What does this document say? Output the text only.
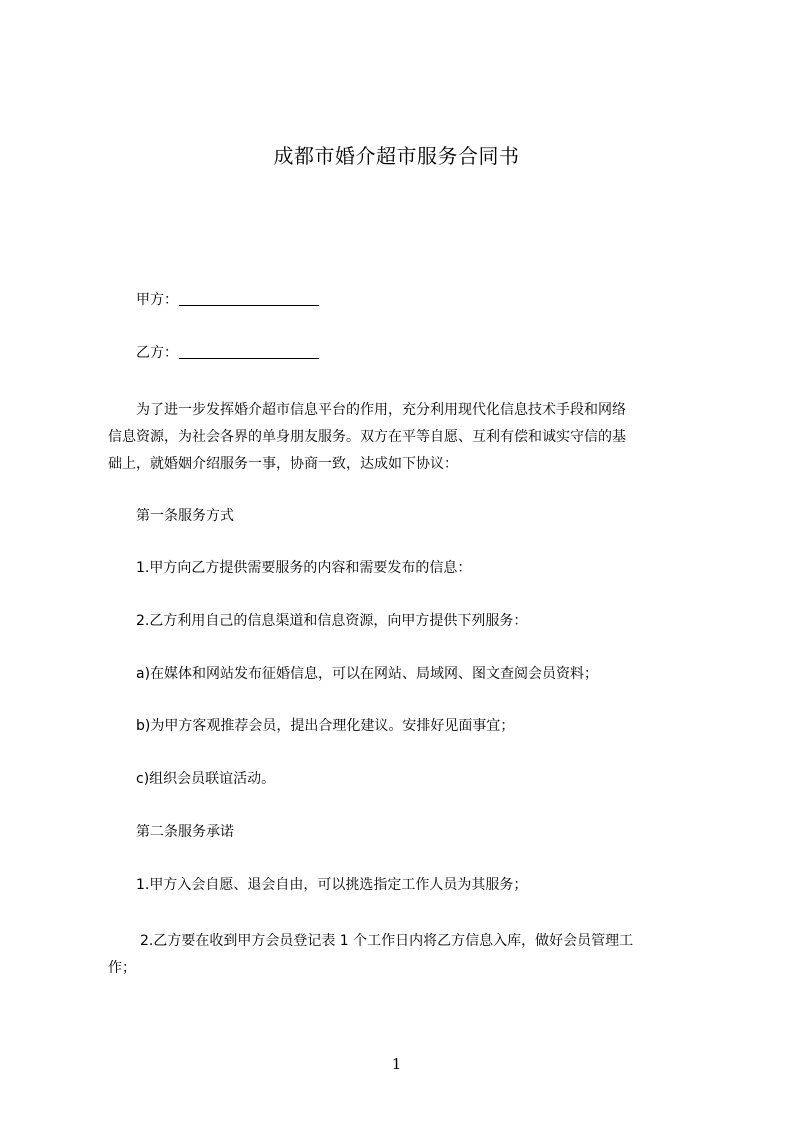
成都市婚介超市服务合同书
甲方：
乙方：
为了进一步发挥婚介超市信息平台的作用，充分利用现代化信息技术手段和网络
信息资源，为社会各界的单身朋友服务。双方在平等自愿、互利有偿和诚实守信的基
础上，就婚姻介绍服务一事，协商一致，达成如下协议：
第一条服务方式
1.甲方向乙方提供需要服务的内容和需要发布的信息：
2.乙方利用自己的信息渠道和信息资源，向甲方提供下列服务：
a)在媒体和网站发布征婚信息，可以在网站、局域网、图文查阅会员资料；
b)为甲方客观推荐会员，提出合理化建议。安排好见面事宜；
c)组织会员联谊活动。
第二条服务承诺
1.甲方入会自愿、退会自由，可以挑选指定工作人员为其服务；
2.乙方要在收到甲方会员登记表 1 个工作日内将乙方信息入库，做好会员管理工
作；
1
